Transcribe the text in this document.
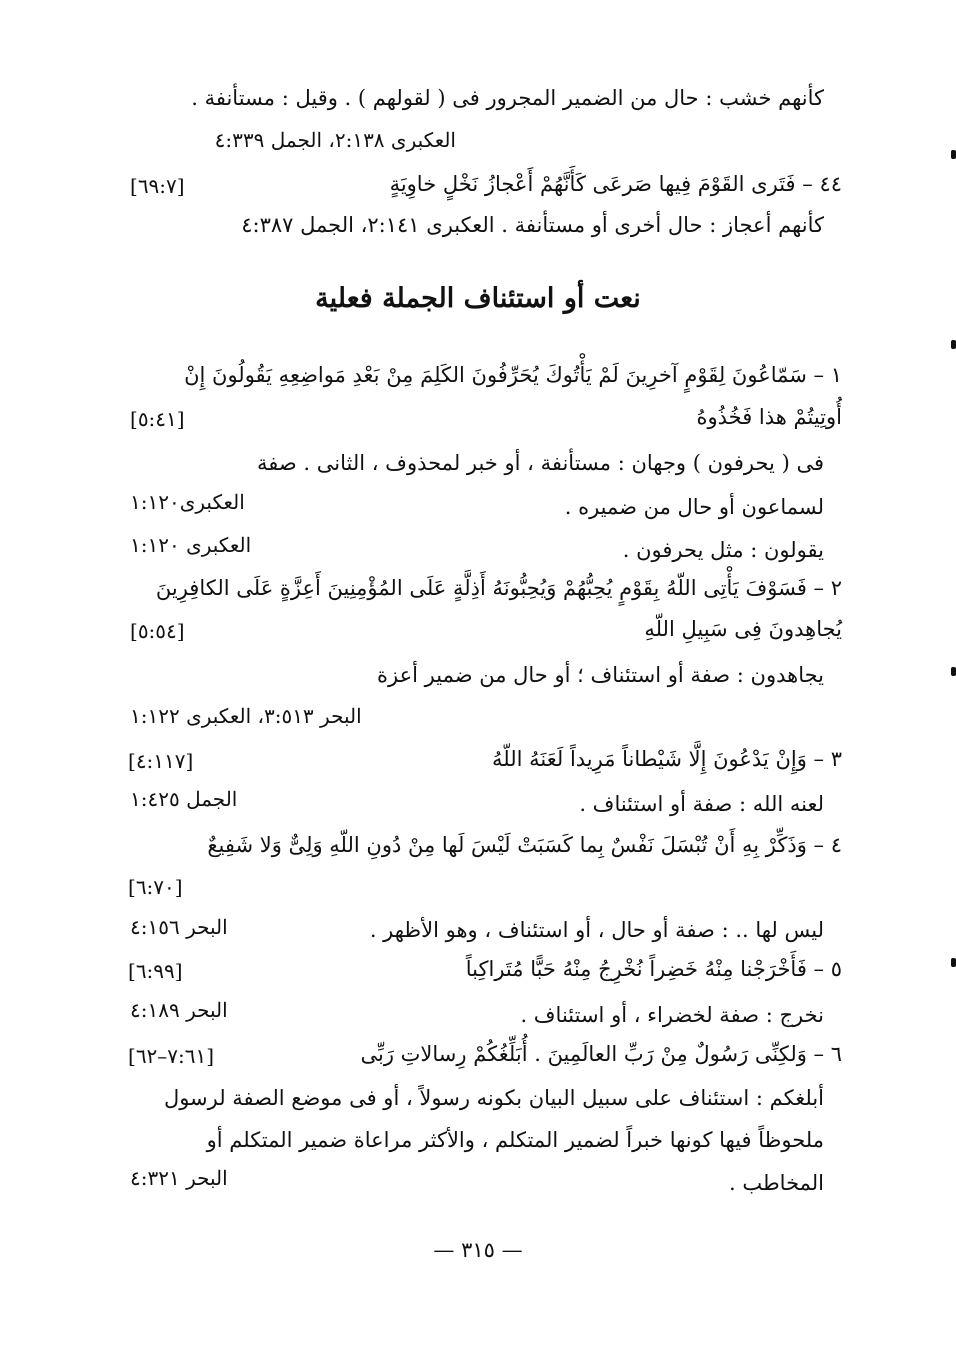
كأنهم خشب : حال من الضمير المجرور فى ( لقولهم ) . وقيل : مستأنفة .
العكبرى ٢:١٣٨، الجمل ٤:٣٣٩
٤٤ – فَتَرى القَوْمَ فِيها صَرعَى كَأَنَّهُمْ أَعْجازُ نَخْلٍ خاوِيَةٍ
[٦٩:٧]
كأنهم أعجاز : حال أخرى أو مستأنفة . العكبرى ٢:١٤١، الجمل ٤:٣٨٧
نعت أو استئناف الجملة فعلية
١ – سَمّاعُونَ لِقَوْمٍ آخرِينَ لَمْ يَأْتُوكَ يُحَرِّفُونَ الكَلِمَ مِنْ بَعْدِ مَواضِعِهِ يَقُولُونَ إِنْ
أُوتِيتُمْ هذا فَخُذُوهُ
[٥:٤١]
فى ( يحرفون ) وجهان : مستأنفة ، أو خبر لمحذوف ، الثانى . صفة
لسماعون أو حال من ضميره .
العكبرى١:١٢٠
يقولون : مثل يحرفون .
العكبرى ١:١٢٠
٢ – فَسَوْفَ يَأْتِى اللّهُ بِقَوْمٍ يُحِبُّهُمْ وَيُحِبُّونَهُ أَذِلَّةٍ عَلَى المُؤْمِنِينَ أَعِزَّةٍ عَلَى الكافِرِينَ
يُجاهِدونَ فِى سَبِيلِ اللّهِ
[٥:٥٤]
يجاهدون : صفة أو استئناف ؛ أو حال من ضمير أعزة
البحر ٣:٥١٣، العكبرى ١:١٢٢
٣ – وَإِنْ يَدْعُونَ إِلَّا شَيْطاناً مَرِيداً لَعَنَهُ اللّهُ
[٤:١١٧]
لعنه الله : صفة أو استئناف .
الجمل ١:٤٢٥
٤ – وَذَكِّرْ بِهِ أَنْ تُبْسَلَ نَفْسٌ بِما كَسَبَتْ لَيْسَ لَها مِنْ دُونِ اللّهِ وَلِىٌّ وَلا شَفِيعٌ
[٦:٧٠]
ليس لها .. : صفة أو حال ، أو استئناف ، وهو الأظهر .
البحر ٤:١٥٦
٥ – فَأَخْرَجْنا مِنْهُ خَضِراً نُخْرِجُ مِنْهُ حَبًّا مُتَراكِباً
[٦:٩٩]
نخرج : صفة لخضراء ، أو استئناف .
البحر ٤:١٨٩
٦ – وَلكِنِّى رَسُولٌ مِنْ رَبِّ العالَمِينَ . أُبَلِّغُكُمْ رِسالاتِ رَبِّى
[٧:٦١–٦٢]
أبلغكم : استئناف على سبيل البيان بكونه رسولاً ، أو فى موضع الصفة لرسول
ملحوظاً فيها كونها خبراً لضمير المتكلم ، والأكثر مراعاة ضمير المتكلم أو
المخاطب .
البحر ٤:٣٢١
— ٣١٥ —
